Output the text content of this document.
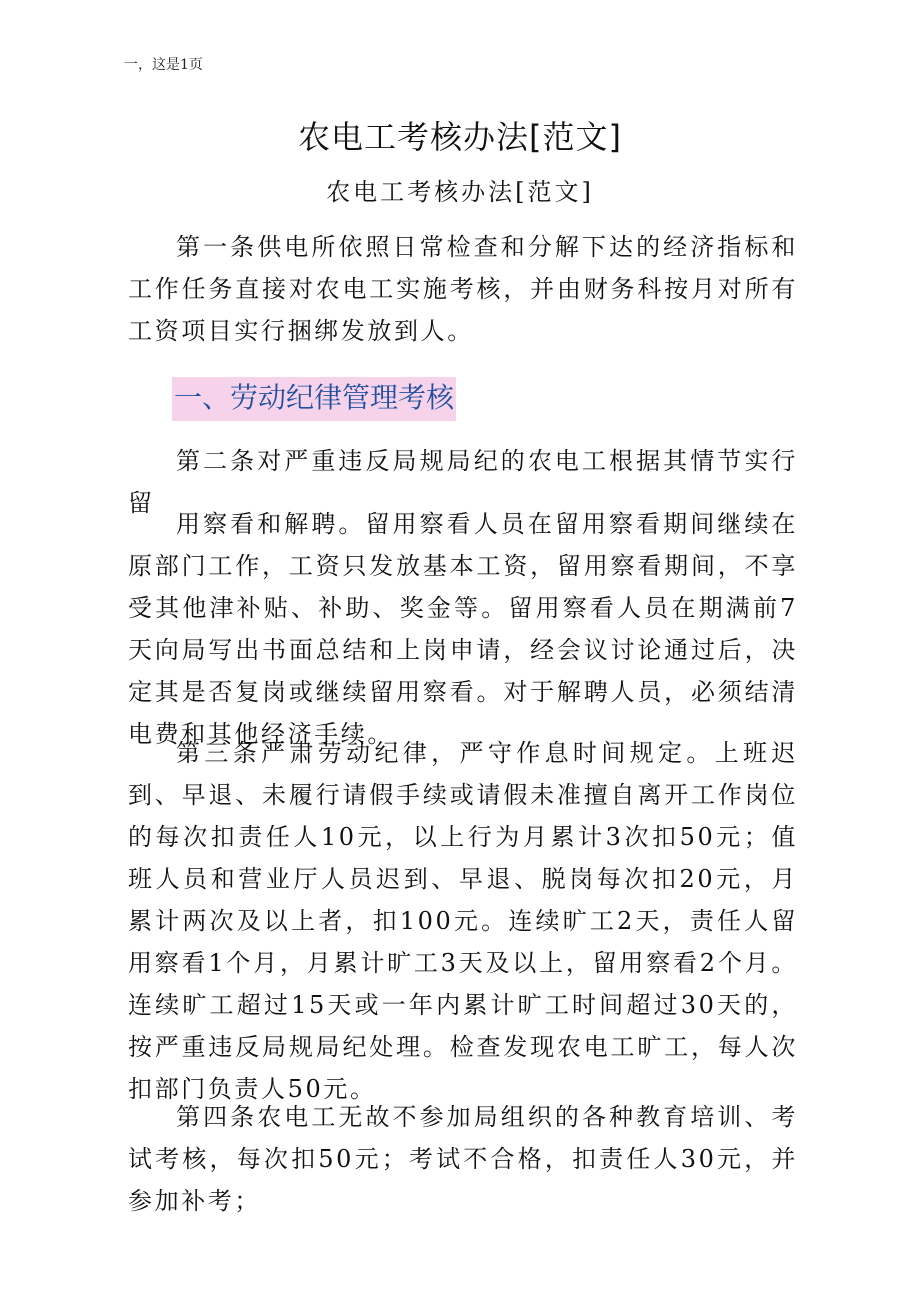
一，这是1页
农电工考核办法[范文]
农电工考核办法[范文]

第一条供电所依照日常检查和分解下达的经济指标和工作任务直接对农电工实施考核，并由财务科按月对所有工资项目实行捆绑发放到人。

一、劳动纪律管理考核

第二条对严重违反局规局纪的农电工根据其情节实行留

用察看和解聘。留用察看人员在留用察看期间继续在原部门工作，工资只发放基本工资，留用察看期间，不享受其他津补贴、补助、奖金等。留用察看人员在期满前7天向局写出书面总结和上岗申请，经会议讨论通过后，决定其是否复岗或继续留用察看。对于解聘人员，必须结清电费和其他经济手续。

第三条严肃劳动纪律，严守作息时间规定。上班迟到、早退、未履行请假手续或请假未准擅自离开工作岗位的每次扣责任人10元，以上行为月累计3次扣50元；值班人员和营业厅人员迟到、早退、脱岗每次扣20元，月累计两次及以上者，扣100元。连续旷工2天，责任人留用察看1个月，月累计旷工3天及以上，留用察看2个月。连续旷工超过15天或一年内累计旷工时间超过30天的，按严重违反局规局纪处理。检查发现农电工旷工，每人次扣部门负责人50元。

第四条农电工无故不参加局组织的各种教育培训、考试考核，每次扣50元；考试不合格，扣责任人30元，并参加补考；
